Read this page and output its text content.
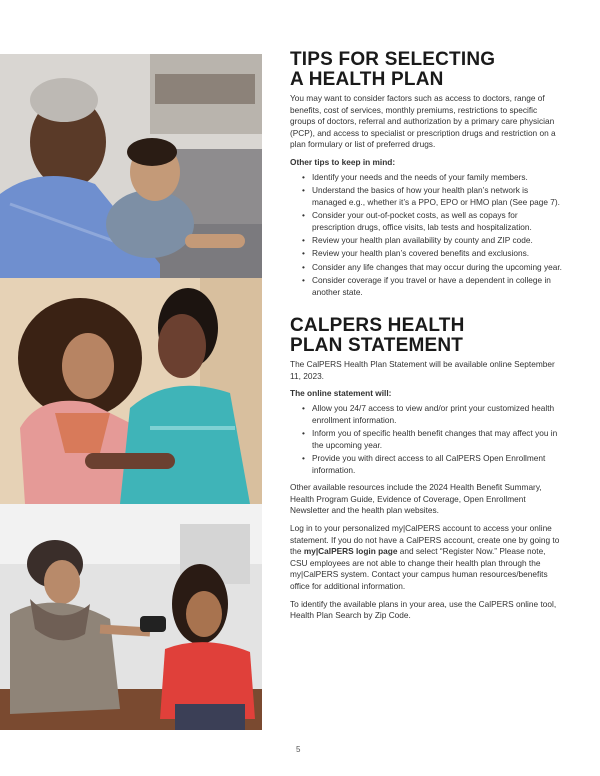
TIPS FOR SELECTING
A HEALTH PLAN

You may want to consider factors such as access to doctors, range of benefits, cost of services, monthly premiums, restrictions to specific groups of doctors, referral and authorization by a primary care physician (PCP), and access to specialist or prescription drugs and restriction on a plan formulary or list of preferred drugs.

Other tips to keep in mind:

• Identify your needs and the needs of your family members.
• Understand the basics of how your health plan’s network is managed e.g., whether it’s a PPO, EPO or HMO plan (See page 7).
• Consider your out-of-pocket costs, as well as copays for prescription drugs, office visits, lab tests and hospitalization.
• Review your health plan availability by county and ZIP code.
• Review your health plan’s covered benefits and exclusions.
• Consider any life changes that may occur during the upcoming year.
• Consider coverage if you travel or have a dependent in college in another state.
CALPERS HEALTH
PLAN STATEMENT

The CalPERS Health Plan Statement will be available online September 11, 2023.

The online statement will:

• Allow you 24/7 access to view and/or print your customized health enrollment information.
• Inform you of specific health benefit changes that may affect you in the upcoming year.
• Provide you with direct access to all CalPERS Open Enrollment information.

Other available resources include the 2024 Health Benefit Summary, Health Program Guide, Evidence of Coverage, Open Enrollment Newsletter and the health plan websites.

Log in to your personalized my|CalPERS account to access your online statement. If you do not have a CalPERS account, create one by going to the my|CalPERS login page and select “Register Now.” Please note, CSU employees are not able to change their health plan through the my|CalPERS system. Contact your campus human resources/benefits office for additional information.

To identify the available plans in your area, use the CalPERS online tool, Health Plan Search by Zip Code.

5
